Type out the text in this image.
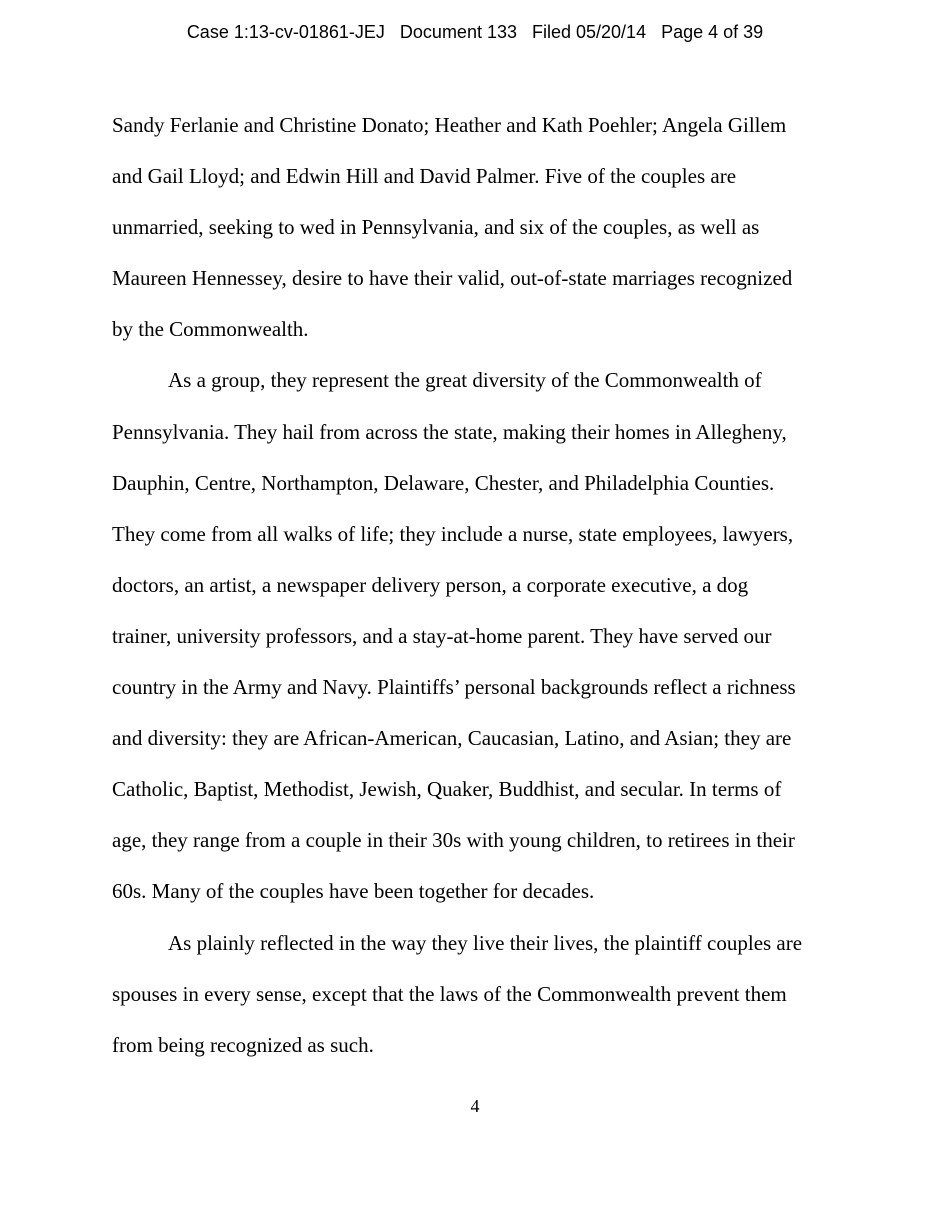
Case 1:13-cv-01861-JEJ Document 133 Filed 05/20/14 Page 4 of 39

Sandy Ferlanie and Christine Donato; Heather and Kath Poehler; Angela Gillem
and Gail Lloyd; and Edwin Hill and David Palmer. Five of the couples are
unmarried, seeking to wed in Pennsylvania, and six of the couples, as well as
Maureen Hennessey, desire to have their valid, out-of-state marriages recognized
by the Commonwealth.

As a group, they represent the great diversity of the Commonwealth of
Pennsylvania. They hail from across the state, making their homes in Allegheny,
Dauphin, Centre, Northampton, Delaware, Chester, and Philadelphia Counties.
They come from all walks of life; they include a nurse, state employees, lawyers,
doctors, an artist, a newspaper delivery person, a corporate executive, a dog
trainer, university professors, and a stay-at-home parent. They have served our
country in the Army and Navy. Plaintiffs’ personal backgrounds reflect a richness
and diversity: they are African-American, Caucasian, Latino, and Asian; they are
Catholic, Baptist, Methodist, Jewish, Quaker, Buddhist, and secular. In terms of
age, they range from a couple in their 30s with young children, to retirees in their
60s. Many of the couples have been together for decades.

As plainly reflected in the way they live their lives, the plaintiff couples are
spouses in every sense, except that the laws of the Commonwealth prevent them
from being recognized as such.

4
